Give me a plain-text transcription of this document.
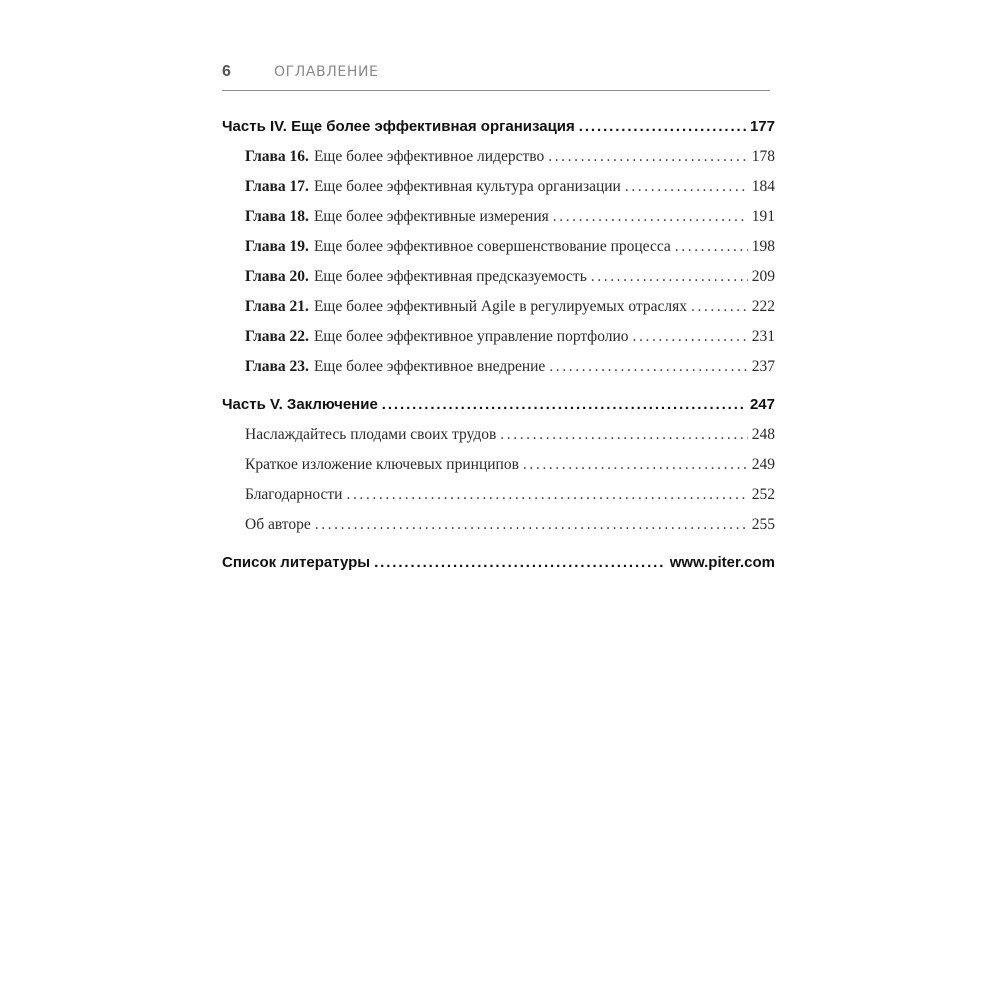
6	ОГЛАВЛЕНИЕ
Часть IV. Еще более эффективная организация .....	177
Глава 16. Еще более эффективное лидерство .....	178
Глава 17. Еще более эффективная культура организации .....	184
Глава 18. Еще более эффективные измерения .....	191
Глава 19. Еще более эффективное совершенствование процесса .....	198
Глава 20. Еще более эффективная предсказуемость .....	209
Глава 21. Еще более эффективный Agile в регулируемых отраслях .....	222
Глава 22. Еще более эффективное управление портфолио .....	231
Глава 23. Еще более эффективное внедрение .....	237
Часть V. Заключение .....	247
Наслаждайтесь плодами своих трудов .....	248
Краткое изложение ключевых принципов .....	249
Благодарности .....	252
Об авторе .....	255
Список литературы .....	www.piter.com
